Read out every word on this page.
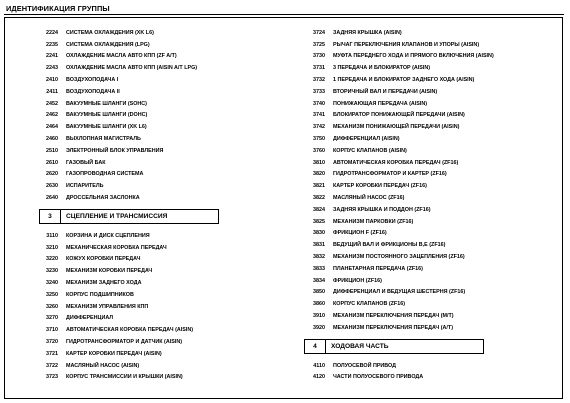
ИДЕНТИФИКАЦИЯ ГРУППЫ
2224 СИСТЕМА ОХЛАЖДЕНИЯ (XK L6)
2235 СИСТЕМА ОХЛАЖДЕНИЯ (LPG)
2241 ОХЛАЖДЕНИЕ МАСЛА АВТО КПП (ZF A/T)
2243 ОХЛАЖДЕНИЕ МАСЛА АВТО КПП (AISIN A/T LPG)
2410 ВОЗДУХОПОДАЧА I
2411 ВОЗДУХОПОДАЧА II
2452 ВАКУУМНЫЕ ШЛАНГИ (SOHC)
2462 ВАКУУМНЫЕ ШЛАНГИ (DOHC)
2464 ВАКУУМНЫЕ ШЛАНГИ (XK L6)
2460 ВЫХЛОПНАЯ МАГИСТРАЛЬ
2510 ЭЛЕКТРОННЫЙ БЛОК УПРАВЛЕНИЯ
2610 ГАЗОВЫЙ БАК
2620 ГАЗОПРОВОДНАЯ СИСТЕМА
2630 ИСПАРИТЕЛЬ
2640 ДРОССЕЛЬНАЯ ЗАСЛОНКА
3	СЦЕПЛЕНИЕ И ТРАНСМИССИЯ
3110 КОРЗИНА И ДИСК СЦЕПЛЕНИЯ
3210 МЕХАНИЧЕСКАЯ КОРОБКА ПЕРЕДАЧ
3220 КОЖУХ КОРОБКИ ПЕРЕДАЧ
3230 МЕХАНИЗМ КОРОБКИ ПЕРЕДАЧ
3240 МЕХАНИЗМ ЗАДНЕГО ХОДА
3250 КОРПУС ПОДШИПНИКОВ
3260 МЕХАНИЗМ УПРАВЛЕНИЯ КПП
3270 ДИФФЕРЕНЦИАЛ
3710 АВТОМАТИЧЕСКАЯ КОРОБКА ПЕРЕДАЧ (AISIN)
3720 ГИДРОТРАНСФОРМАТОР И ДАТЧИК (AISIN)
3721 КАРТЕР КОРОБКИ ПЕРЕДАЧ (AISIN)
3722 МАСЛЯНЫЙ НАСОС (AISIN)
3723 КОРПУС ТРАНСМИССИИ И КРЫШКИ (AISIN)
3724 ЗАДНЯЯ КРЫШКА (AISIN)
3725 РЫЧАГ ПЕРЕКЛЮЧЕНИЯ КЛАПАНОВ И УПОРЫ (AISIN)
3730 МУФТА ПЕРЕДНЕГО ХОДА И ПРЯМОГО ВКЛЮЧЕНИЯ (AISIN)
3731 3 ПЕРЕДАЧА И БЛОКИРАТОР (AISIN)
3732 1 ПЕРЕДАЧА И БЛОКИРАТОР ЗАДНЕГО ХОДА (AISIN)
3733 ВТОРИЧНЫЙ ВАЛ И ПЕРЕДАЧИ (AISIN)
3740 ПОНИЖАЮЩАЯ ПЕРЕДАЧА (AISIN)
3741 БЛОКИРАТОР ПОНИЖАЮЩЕЙ ПЕРЕДАЧИ (AISIN)
3742 МЕХАНИЗМ ПОНИЖАЮЩЕЙ ПЕРЕДАЧИ (AISIN)
3750 ДИФФЕРЕНЦИАЛ (AISIN)
3760 КОРПУС КЛАПАНОВ (AISIN)
3810 АВТОМАТИЧЕСКАЯ КОРОБКА ПЕРЕДАЧ (ZF16)
3820 ГИДРОТРАНСФОРМАТОР И КАРТЕР (ZF16)
3821 КАРТЕР КОРОБКИ ПЕРЕДАЧ (ZF16)
3822 МАСЛЯНЫЙ НАСОС (ZF16)
3824 ЗАДНЯЯ КРЫШКА И ПОДДОН (ZF16)
3825 МЕХАНИЗМ ПАРКОВКИ (ZF16)
3830 ФРИКЦИОН F (ZF16)
3831 ВЕДУЩИЙ ВАЛ И ФРИКЦИОНЫ B,E (ZF16)
3832 МЕХАНИЗМ ПОСТОЯННОГО ЗАЦЕПЛЕНИЯ (ZF16)
3833 ПЛАНЕТАРНАЯ ПЕРЕДАЧА (ZF16)
3834 ФРИКЦИОН (ZF16)
3850 ДИФФЕРЕНЦИАЛ И ВЕДУЩАЯ ШЕСТЕРНЯ (ZF16)
3860 КОРПУС КЛАПАНОВ (ZF16)
3910 МЕХАНИЗМ ПЕРЕКЛЮЧЕНИЯ ПЕРЕДАЧ (M/T)
3920 МЕХАНИЗМ ПЕРЕКЛЮЧЕНИЯ ПЕРЕДАЧ (A/T)
4	ХОДОВАЯ ЧАСТЬ
4110 ПОЛУОСЕВОЙ ПРИВОД
4120 ЧАСТИ ПОЛУОСЕВОГО ПРИВОДА
